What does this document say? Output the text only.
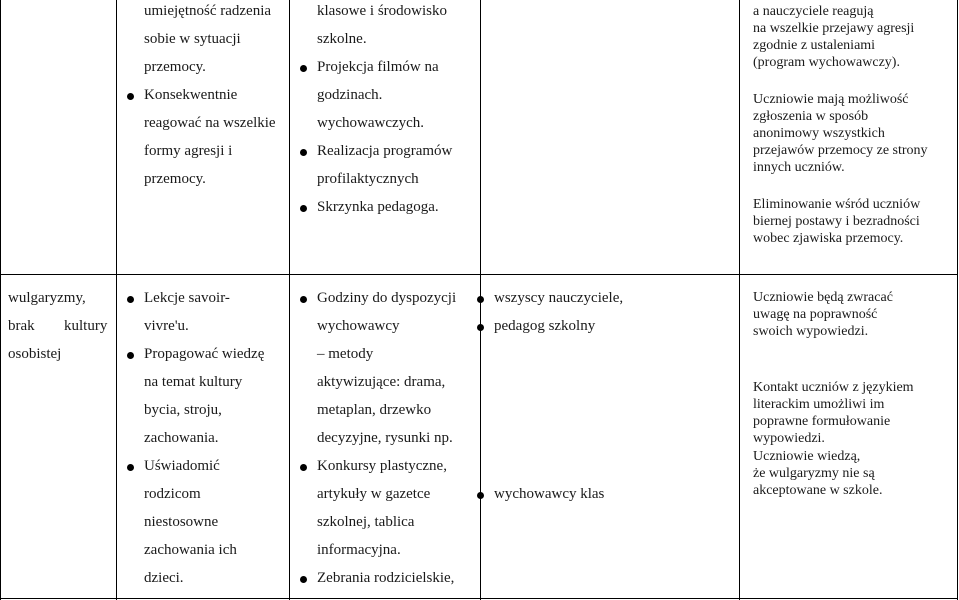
umiejętność radzenia
sobie w sytuacji
przemocy.
Konsekwentnie
reagować na wszelkie
formy agresji i
przemocy.
klasowe i środowisko
szkolne.
Projekcja filmów na
godzinach.
wychowawczych.
Realizacja programów
profilaktycznych
Skrzynka pedagoga.
a nauczyciele reagują
na wszelkie przejawy agresji
zgodnie z ustaleniami
(program wychowawczy).
Uczniowie mają możliwość
zgłoszenia w sposób
anonimowy wszystkich
przejawów przemocy ze strony
innych uczniów.
Eliminowanie wśród uczniów
biernej postawy i bezradności
wobec zjawiska przemocy.
wulgaryzmy,
brak kultury
osobistej
Lekcje savoir-
vivre'u.
Propagować wiedzę
na temat kultury
bycia, stroju,
zachowania.
Uświadomić
rodzicom
niestosowne
zachowania ich
dzieci.
Godziny do dyspozycji
wychowawcy
– metody
aktywizujące: drama,
metaplan, drzewko
decyzyjne, rysunki np.
Konkursy plastyczne,
artykuły w gazetce
szkolnej, tablica
informacyjna.
Zebrania rodzicielskie,
wszyscy nauczyciele,
pedagog szkolny
wychowawcy klas
Uczniowie będą zwracać
uwagę na poprawność
swoich wypowiedzi.
Kontakt uczniów z językiem
literackim umożliwi im
poprawne formułowanie
wypowiedzi.
Uczniowie wiedzą,
że wulgaryzmy nie są
akceptowane w szkole.
